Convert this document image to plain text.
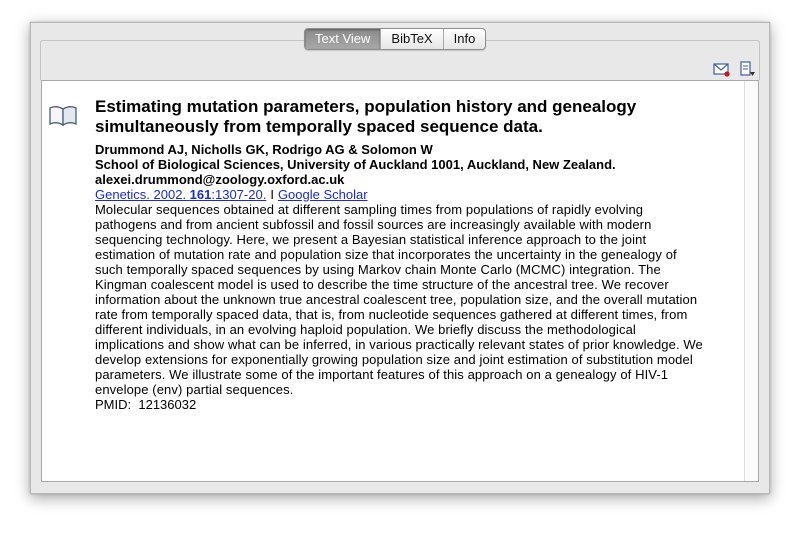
Text View	BibTeX	Info
Estimating mutation parameters, population history and genealogy simultaneously from temporally spaced sequence data.
Drummond AJ, Nicholls GK, Rodrigo AG & Solomon W
School of Biological Sciences, University of Auckland 1001, Auckland, New Zealand.
alexei.drummond@zoology.oxford.ac.uk
Genetics. 2002. 161:1307-20. I Google Scholar

Molecular sequences obtained at different sampling times from populations of rapidly evolving pathogens and from ancient subfossil and fossil sources are increasingly available with modern sequencing technology. Here, we present a Bayesian statistical inference approach to the joint estimation of mutation rate and population size that incorporates the uncertainty in the genealogy of such temporally spaced sequences by using Markov chain Monte Carlo (MCMC) integration. The Kingman coalescent model is used to describe the time structure of the ancestral tree. We recover information about the unknown true ancestral coalescent tree, population size, and the overall mutation rate from temporally spaced data, that is, from nucleotide sequences gathered at different times, from different individuals, in an evolving haploid population. We briefly discuss the methodological implications and show what can be inferred, in various practically relevant states of prior knowledge. We develop extensions for exponentially growing population size and joint estimation of substitution model parameters. We illustrate some of the important features of this approach on a genealogy of HIV-1 envelope (env) partial sequences.

PMID: 12136032
